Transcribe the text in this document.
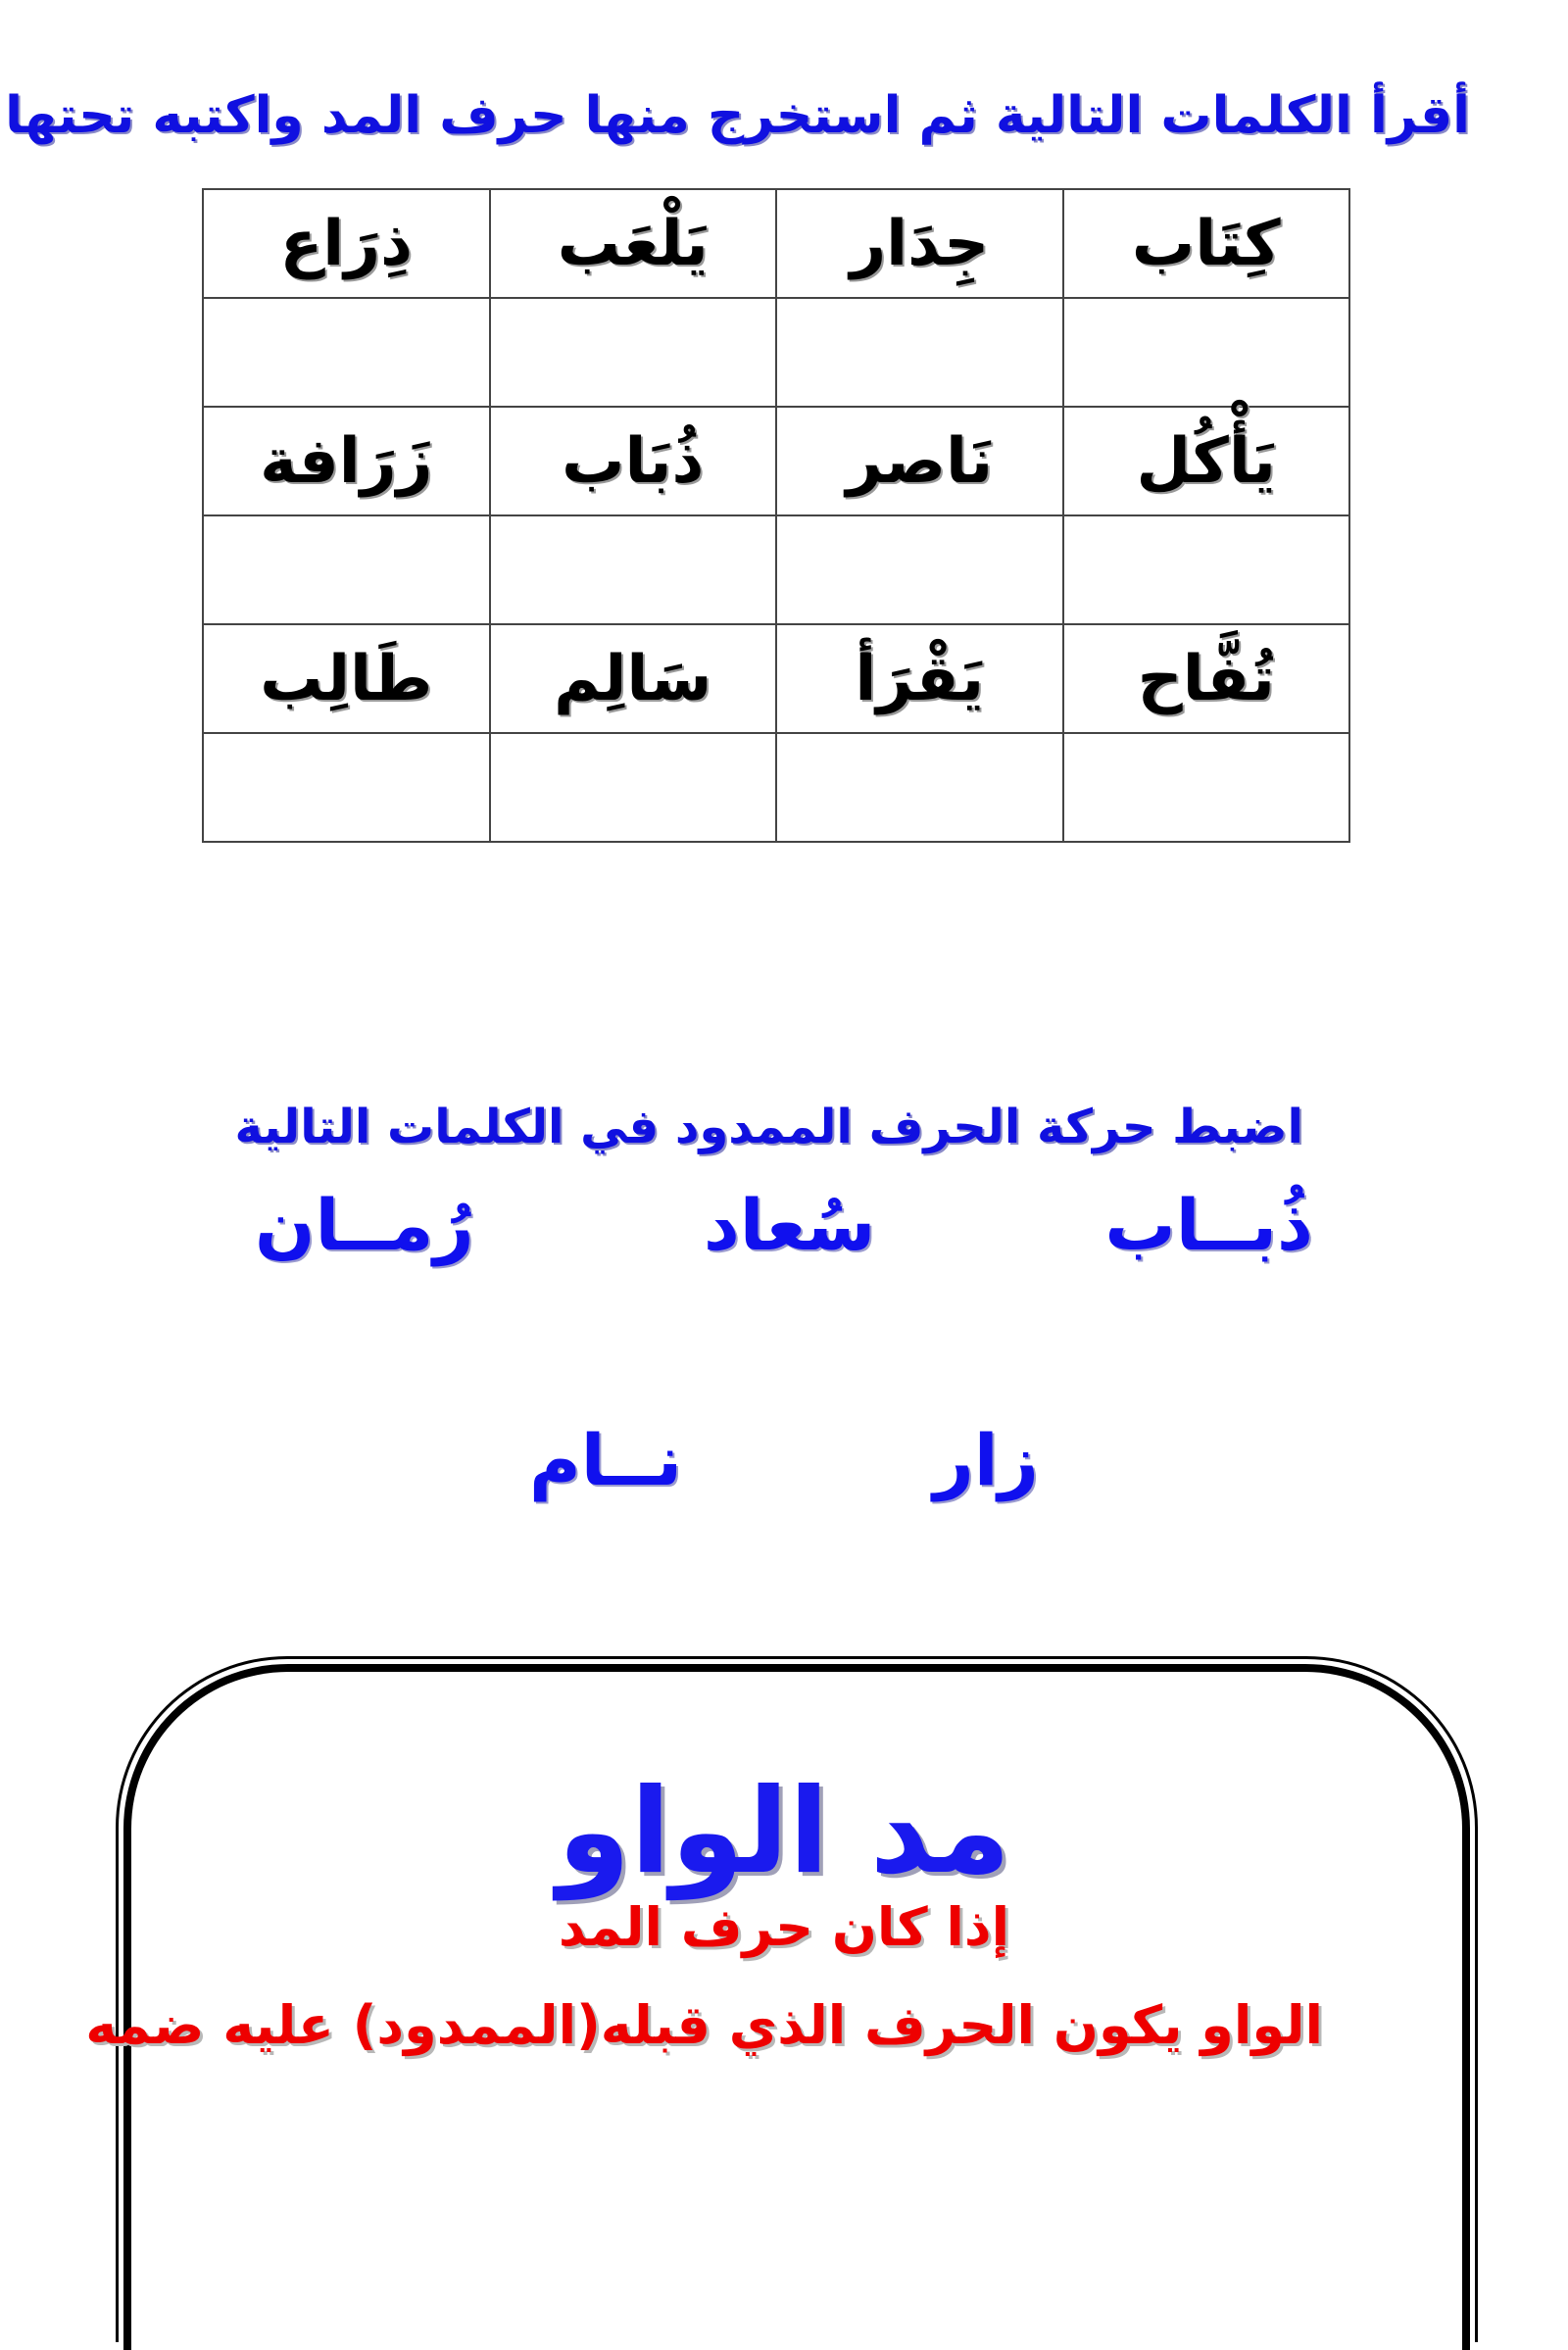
أقرأ الكلمات التالية ثم استخرج منها حرف المد واكتبه تحتها
كِتَاب	جِدَار	يَلْعَب	ذِرَاع

يَأْكُل	نَاصر	ذُبَاب	زَرَافة

تُفَّاح	يَقْرَأ	سَالِم	طَالِب

اضبط حركة الحرف الممدود في الكلمات التالية
ذُبــاب
سُعاد
رُمــان
زار
نــام
مد الواو
إذا كان حرف المد
الواو يكون الحرف الذي قبله(الممدود) عليه ضمه
